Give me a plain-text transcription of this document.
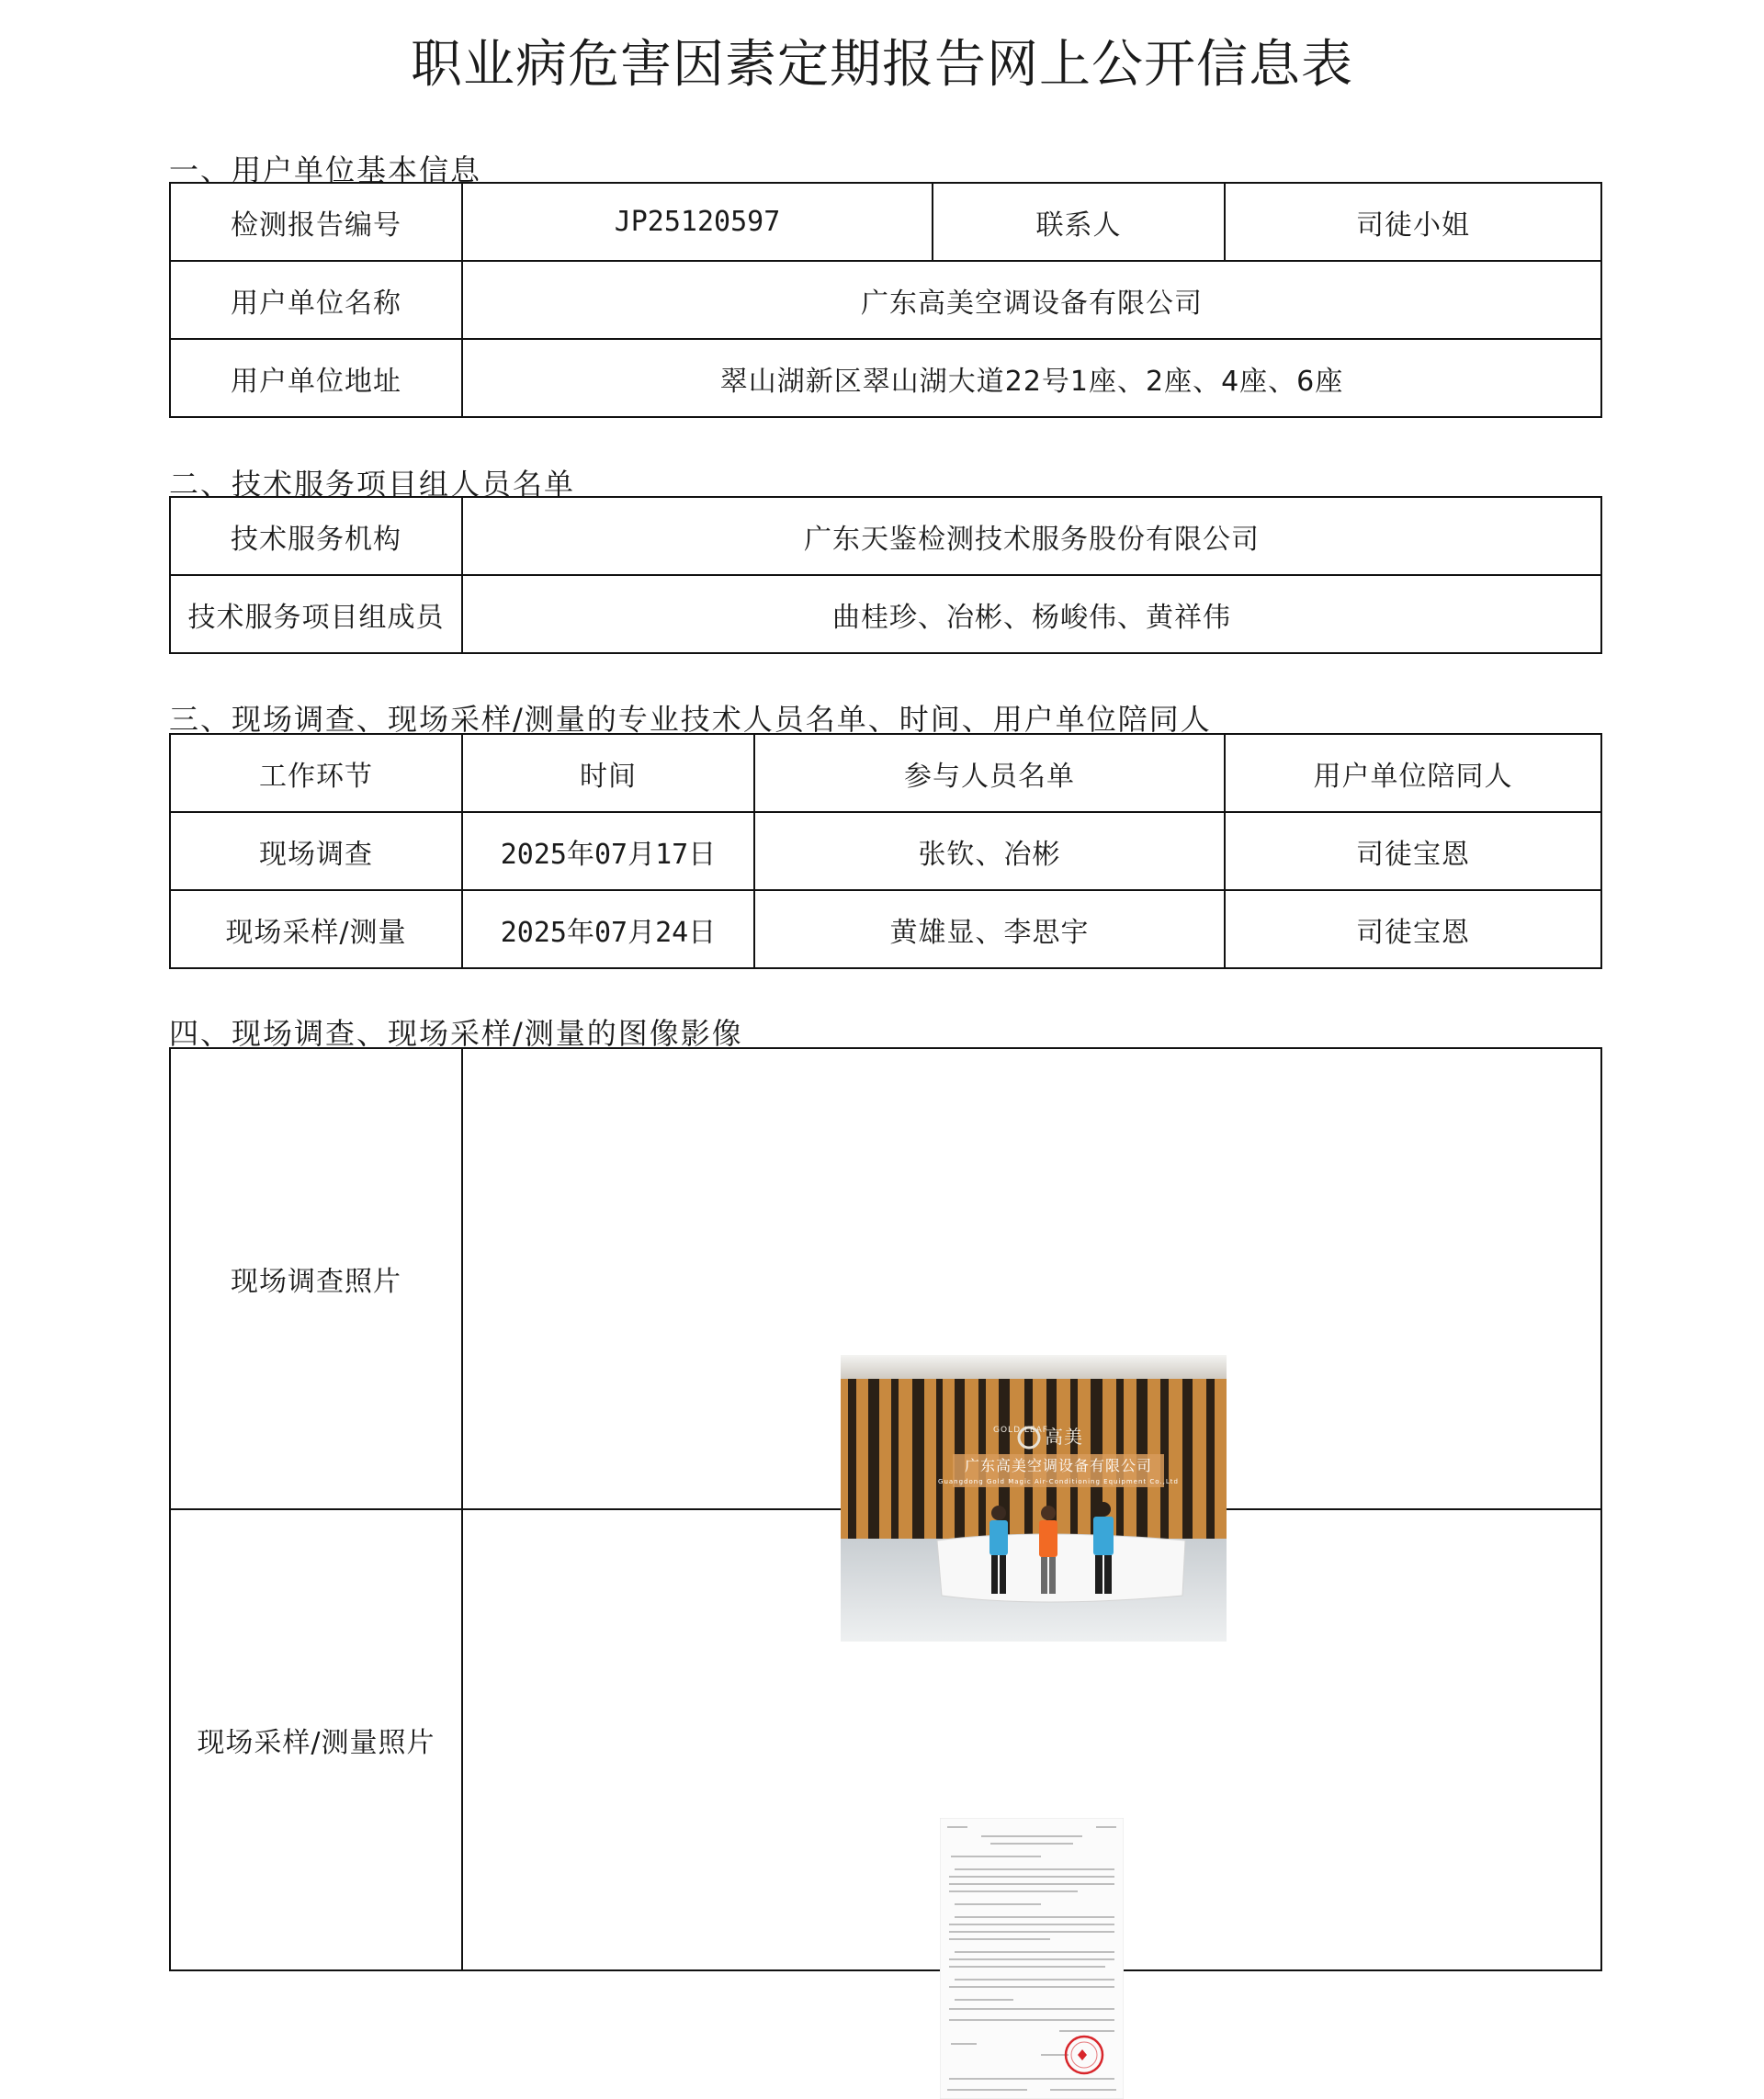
职业病危害因素定期报告网上公开信息表
一、用户单位基本信息
检测报告编号	JP25120597	联系人	司徒小姐
用户单位名称	广东高美空调设备有限公司		
用户单位地址	翠山湖新区翠山湖大道22号1座、2座、4座、6座		
二、技术服务项目组人员名单
技术服务机构	广东天鉴检测技术服务股份有限公司
技术服务项目组成员	曲桂珍、冶彬、杨峻伟、黄祥伟
三、现场调查、现场采样/测量的专业技术人员名单、时间、用户单位陪同人
工作环节	时间	参与人员名单	用户单位陪同人
现场调查	2025年07月17日	张钦、冶彬	司徒宝恩
现场采样/测量	2025年07月24日	黄雄显、李思宇	司徒宝恩
四、现场调查、现场采样/测量的图像影像
现场调查照片	GOLD LEAF
高美
广东高美空调设备有限公司
Guangdong Gold Magic Air-Conditioning Equipment Co.,Ltd

现场采样/测量照片	
